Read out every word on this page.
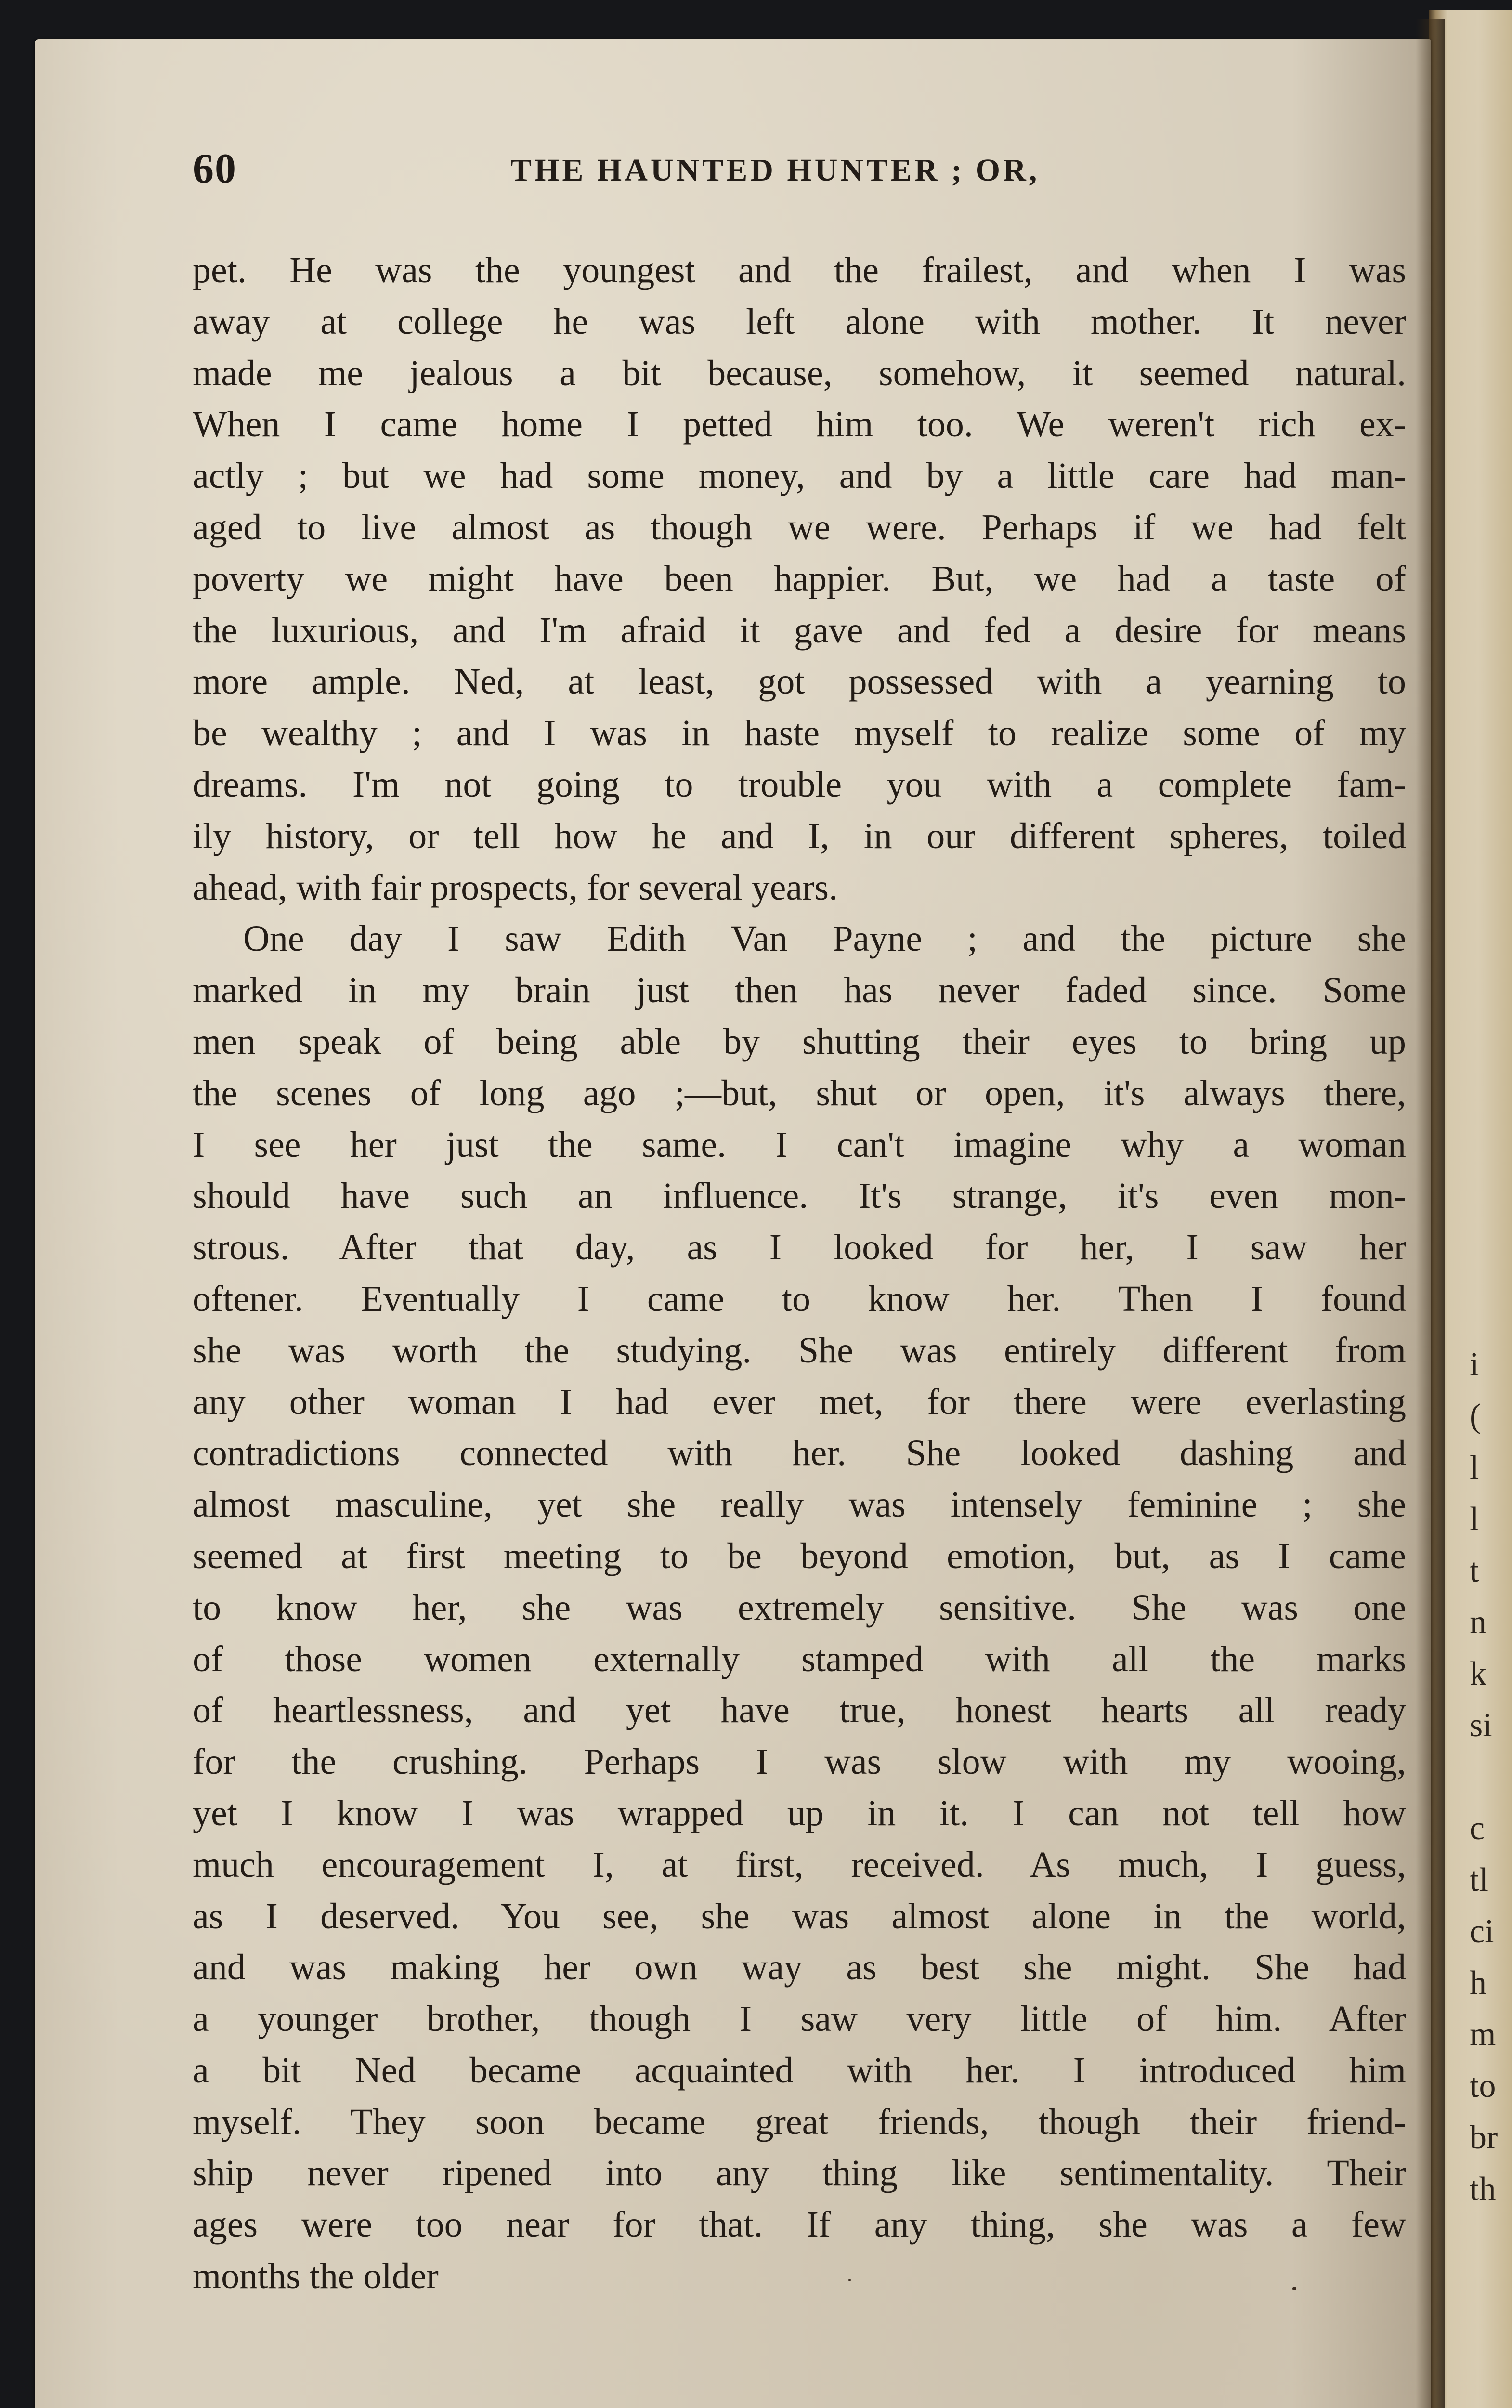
i
(
l
l
t
n
k
si
c
tl
ci
h
m
to
br
th
60	THE HAUNTED HUNTER ; OR,
pet. He was the youngest and the frailest, and when I was
away at college he was left alone with mother. It never
made me jealous a bit because, somehow, it seemed natural.
When I came home I petted him too. We weren't rich ex-
actly ; but we had some money, and by a little care had man-
aged to live almost as though we were. Perhaps if we had felt
poverty we might have been happier. But, we had a taste of
the luxurious, and I'm afraid it gave and fed a desire for means
more ample. Ned, at least, got possessed with a yearning to
be wealthy ; and I was in haste myself to realize some of my
dreams. I'm not going to trouble you with a complete fam-
ily history, or tell how he and I, in our different spheres, toiled
ahead, with fair prospects, for several years.
One day I saw Edith Van Payne ; and the picture she
marked in my brain just then has never faded since. Some
men speak of being able by shutting their eyes to bring up
the scenes of long ago ;—but, shut or open, it's always there,
I see her just the same. I can't imagine why a woman
should have such an influence. It's strange, it's even mon-
strous. After that day, as I looked for her, I saw her
oftener. Eventually I came to know her. Then I found
she was worth the studying. She was entirely different from
any other woman I had ever met, for there were everlasting
contradictions connected with her. She looked dashing and
almost masculine, yet she really was intensely feminine ; she
seemed at first meeting to be beyond emotion, but, as I came
to know her, she was extremely sensitive. She was one
of those women externally stamped with all the marks
of heartlessness, and yet have true, honest hearts all ready
for the crushing. Perhaps I was slow with my wooing,
yet I know I was wrapped up in it. I can not tell how
much encouragement I, at first, received. As much, I guess,
as I deserved. You see, she was almost alone in the world,
and was making her own way as best she might. She had
a younger brother, though I saw very little of him. After
a bit Ned became acquainted with her. I introduced him
myself. They soon became great friends, though their friend-
ship never ripened into any thing like sentimentality. Their
ages were too near for that. If any thing, she was a few
months the older
